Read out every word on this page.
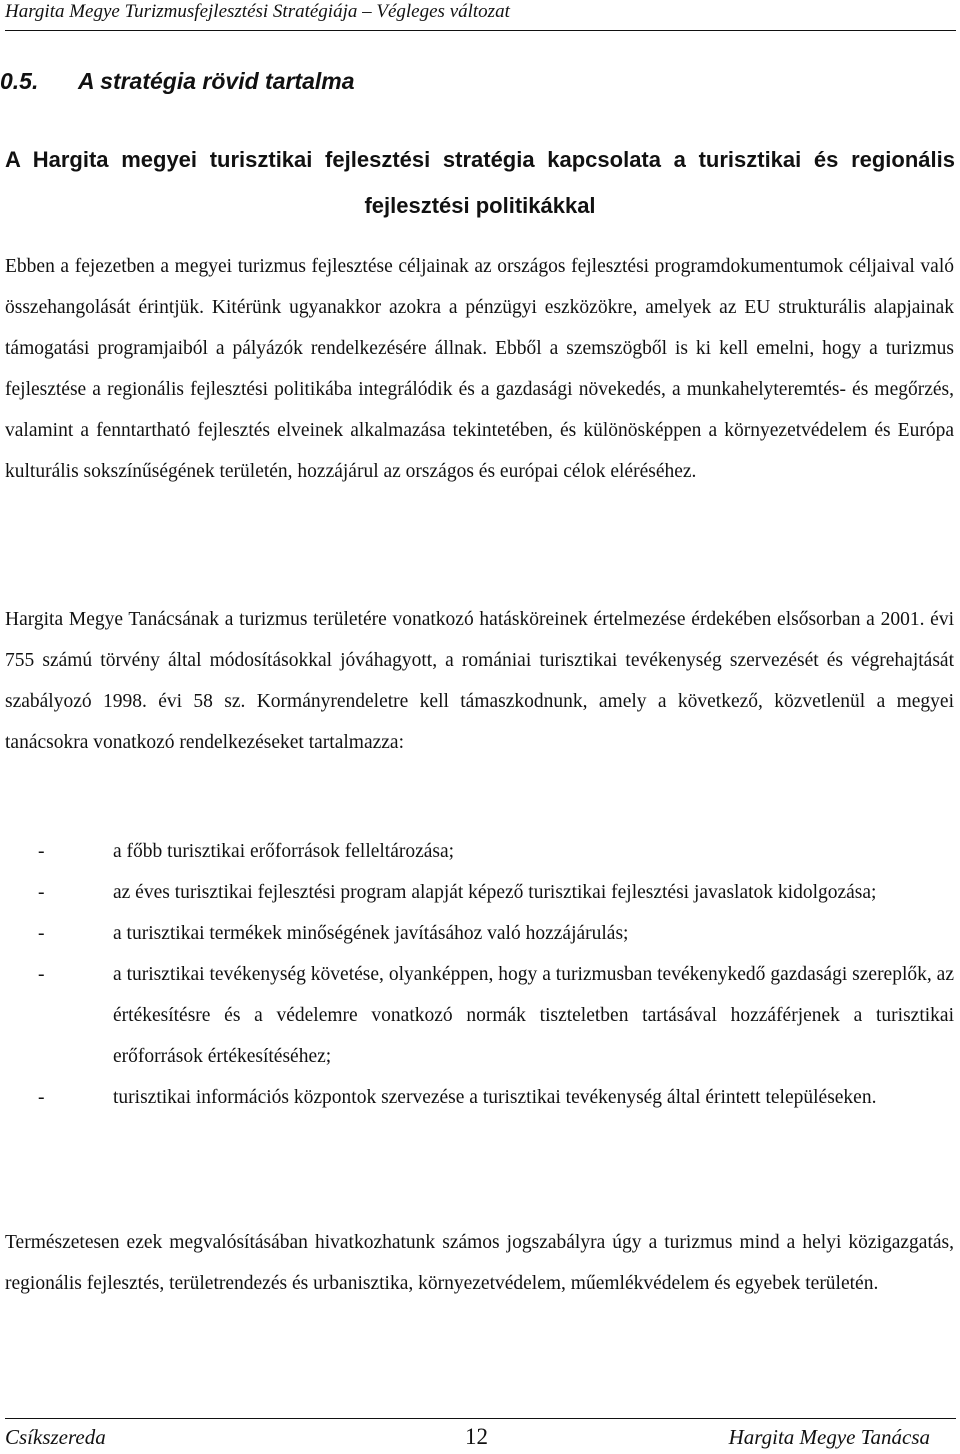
Hargita Megye Turizmusfejlesztési Stratégiája – Végleges változat
0.5. A stratégia rövid tartalma
A Hargita megyei turisztikai fejlesztési stratégia kapcsolata a turisztikai és regionális fejlesztési politikákkal

Ebben a fejezetben a megyei turizmus fejlesztése céljainak az országos fejlesztési programdokumentumok céljaival való összehangolását érintjük. Kitérünk ugyanakkor azokra a pénzügyi eszközökre, amelyek az EU strukturális alapjainak támogatási programjaiból a pályázók rendelkezésére állnak. Ebből a szemszögből is ki kell emelni, hogy a turizmus fejlesztése a regionális fejlesztési politikába integrálódik és a gazdasági növekedés, a munkahelyteremtés- és megőrzés, valamint a fenntartható fejlesztés elveinek alkalmazása tekintetében, és különösképpen a környezetvédelem és Európa kulturális sokszínűségének területén, hozzájárul az országos és európai célok eléréséhez.

Hargita Megye Tanácsának a turizmus területére vonatkozó hatásköreinek értelmezése érdekében elsősorban a 2001. évi 755 számú törvény által módosításokkal jóváhagyott, a romániai turisztikai tevékenység szervezését és végrehajtását szabályozó 1998. évi 58 sz. Kormányrendeletre kell támaszkodnunk, amely a következő, közvetlenül a megyei tanácsokra vonatkozó rendelkezéseket tartalmazza:

-	a főbb turisztikai erőforrások felleltározása;
-	az éves turisztikai fejlesztési program alapját képező turisztikai fejlesztési javaslatok kidolgozása;
-	a turisztikai termékek minőségének javításához való hozzájárulás;
-	a turisztikai tevékenység követése, olyanképpen, hogy a turizmusban tevékenykedő gazdasági szereplők, az értékesítésre és a védelemre vonatkozó normák tiszteletben tartásával hozzáférjenek a turisztikai erőforrások értékesítéséhez;
-	turisztikai információs központok szervezése a turisztikai tevékenység által érintett településeken.

Természetesen ezek megvalósításában hivatkozhatunk számos jogszabályra úgy a turizmus mind a helyi közigazgatás, regionális fejlesztés, területrendezés és urbanisztika, környezetvédelem, műemlékvédelem és egyebek területén.

Csíkszereda	12	Hargita Megye Tanácsa
